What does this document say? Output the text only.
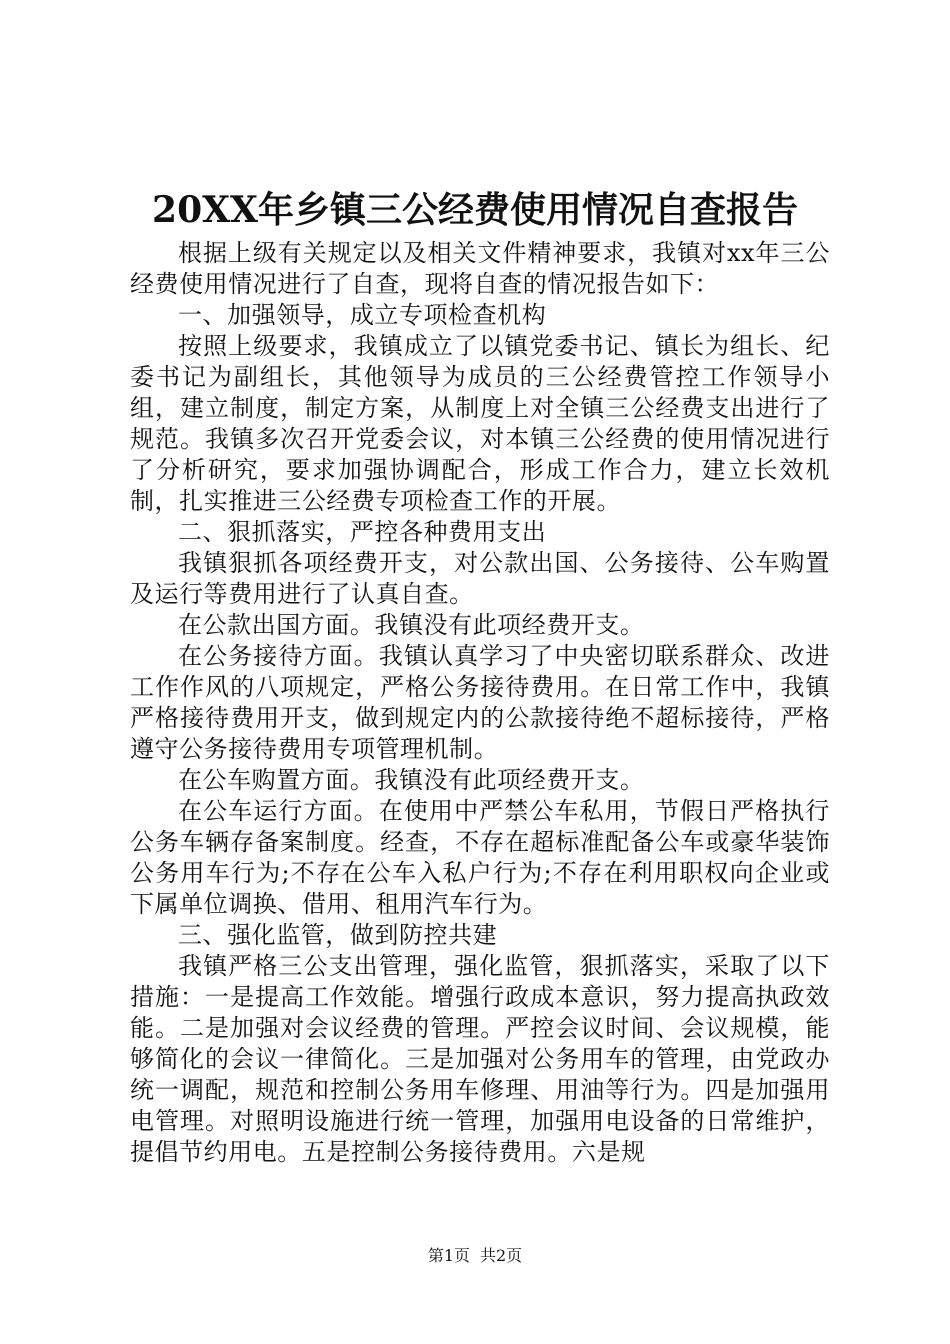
20XX年乡镇三公经费使用情况自查报告

根据上级有关规定以及相关文件精神要求，我镇对xx年三公经费使用情况进行了自查，现将自查的情况报告如下：

一、加强领导，成立专项检查机构

按照上级要求，我镇成立了以镇党委书记、镇长为组长、纪委书记为副组长，其他领导为成员的三公经费管控工作领导小组，建立制度，制定方案，从制度上对全镇三公经费支出进行了规范。我镇多次召开党委会议，对本镇三公经费的使用情况进行了分析研究，要求加强协调配合，形成工作合力，建立长效机制，扎实推进三公经费专项检查工作的开展。

二、狠抓落实，严控各种费用支出

我镇狠抓各项经费开支，对公款出国、公务接待、公车购置及运行等费用进行了认真自查。

在公款出国方面。我镇没有此项经费开支。

在公务接待方面。我镇认真学习了中央密切联系群众、改进工作作风的八项规定，严格公务接待费用。在日常工作中，我镇严格接待费用开支，做到规定内的公款接待绝不超标接待，严格遵守公务接待费用专项管理机制。

在公车购置方面。我镇没有此项经费开支。

在公车运行方面。在使用中严禁公车私用，节假日严格执行公务车辆存备案制度。经查，不存在超标准配备公车或豪华装饰公务用车行为;不存在公车入私户行为;不存在利用职权向企业或下属单位调换、借用、租用汽车行为。

三、强化监管，做到防控共建

我镇严格三公支出管理，强化监管，狠抓落实，采取了以下措施：一是提高工作效能。增强行政成本意识，努力提高执政效能。二是加强对会议经费的管理。严控会议时间、会议规模，能够简化的会议一律简化。三是加强对公务用车的管理，由党政办统一调配，规范和控制公务用车修理、用油等行为。四是加强用电管理。对照明设施进行统一管理，加强用电设备的日常维护，提倡节约用电。五是控制公务接待费用。六是规

第1页 共2页
